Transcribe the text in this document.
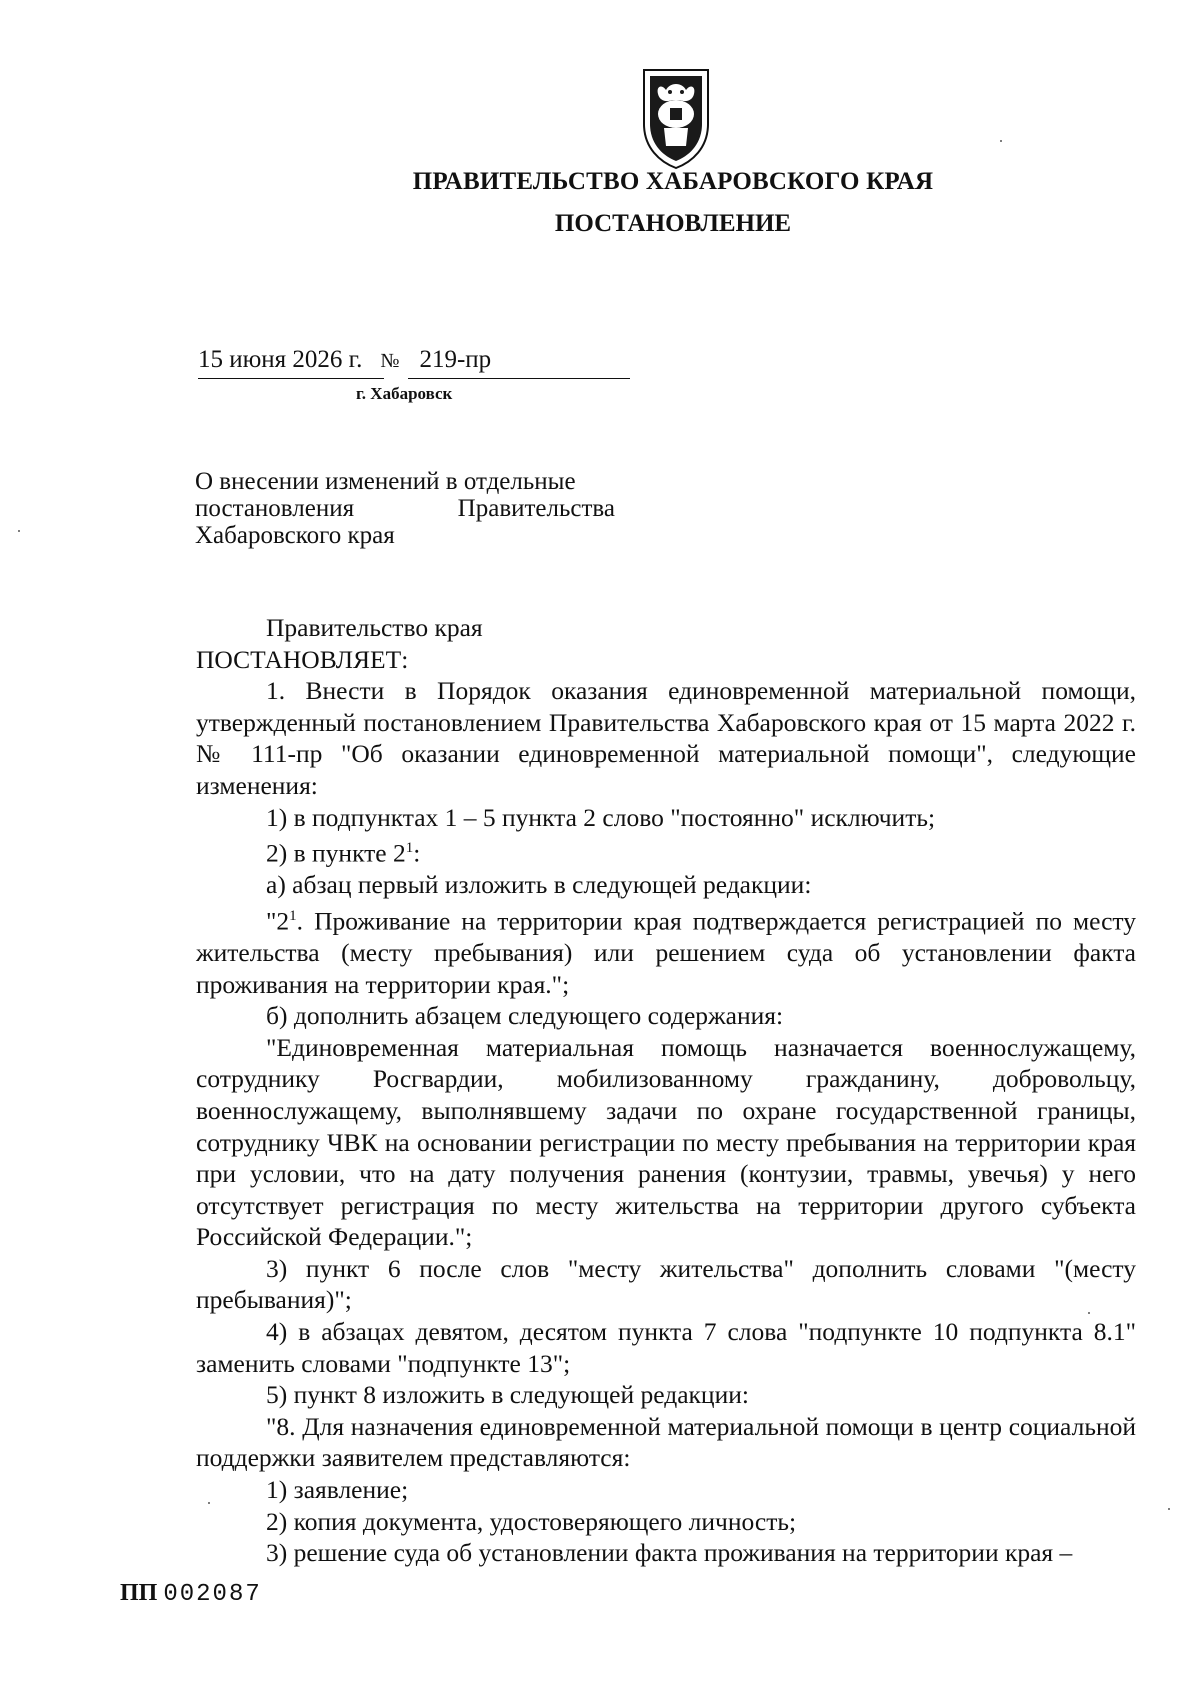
ПРАВИТЕЛЬСТВО ХАБАРОВСКОГО КРАЯ
ПОСТАНОВЛЕНИЕ
15 июня 2026 г. № 219-пр
г. Хабаровск
О внесении изменений в отдельные
постановления	Правительства
Хабаровского края

Правительство края

ПОСТАНОВЛЯЕТ:

1. Внести в Порядок оказания единовременной материальной помощи, утвержденный постановлением Правительства Хабаровского края от 15 марта 2022 г. № 111-пр "Об оказании единовременной материальной помощи", следующие изменения:

1) в подпунктах 1 – 5 пункта 2 слово "постоянно" исключить;

2) в пункте $2^1$:

а) абзац первый изложить в следующей редакции:

"$2^1$. Проживание на территории края подтверждается регистрацией по месту жительства (месту пребывания) или решением суда об установлении факта проживания на территории края.";

б) дополнить абзацем следующего содержания:

"Единовременная материальная помощь назначается военнослужащему, сотруднику Росгвардии, мобилизованному гражданину, добровольцу, военнослужащему, выполнявшему задачи по охране государственной границы, сотруднику ЧВК на основании регистрации по месту пребывания на территории края при условии, что на дату получения ранения (контузии, травмы, увечья) у него отсутствует регистрация по месту жительства на территории другого субъекта Российской Федерации.";

3) пункт 6 после слов "месту жительства" дополнить словами "(месту пребывания)";

4) в абзацах девятом, десятом пункта 7 слова "подпункте 10 подпункта 8.1" заменить словами "подпункте 13";

5) пункт 8 изложить в следующей редакции:

"8. Для назначения единовременной материальной помощи в центр социальной поддержки заявителем представляются:

1) заявление;

2) копия документа, удостоверяющего личность;

3) решение суда об установлении факта проживания на территории края –

ПП 002087
